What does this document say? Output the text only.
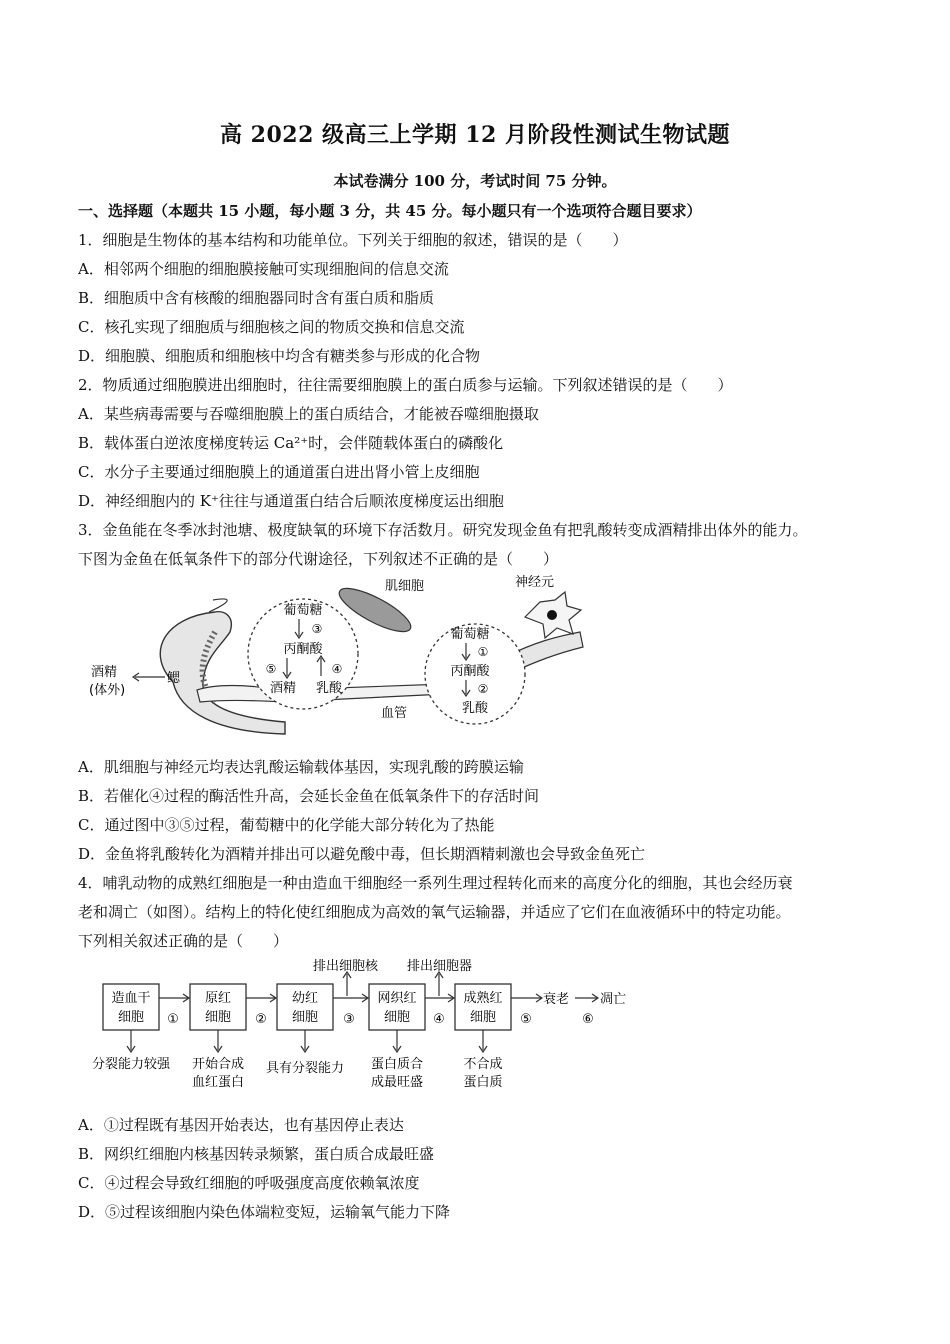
高 2022 级高三上学期 12 月阶段性测试生物试题
本试卷满分 100 分，考试时间 75 分钟。
一、选择题（本题共 15 小题，每小题 3 分，共 45 分。每小题只有一个选项符合题目要求）
1．细胞是生物体的基本结构和功能单位。下列关于细胞的叙述，错误的是（　　）
A．相邻两个细胞的细胞膜接触可实现细胞间的信息交流
B．细胞质中含有核酸的细胞器同时含有蛋白质和脂质
C．核孔实现了细胞质与细胞核之间的物质交换和信息交流
D．细胞膜、细胞质和细胞核中均含有糖类参与形成的化合物
2．物质通过细胞膜进出细胞时，往往需要细胞膜上的蛋白质参与运输。下列叙述错误的是（　　）
A．某些病毒需要与吞噬细胞膜上的蛋白质结合，才能被吞噬细胞摄取
B．载体蛋白逆浓度梯度转运 Ca²⁺时，会伴随载体蛋白的磷酸化
C．水分子主要通过细胞膜上的通道蛋白进出肾小管上皮细胞
D．神经细胞内的 K⁺往往与通道蛋白结合后顺浓度梯度运出细胞
3．金鱼能在冬季冰封池塘、极度缺氧的环境下存活数月。研究发现金鱼有把乳酸转变成酒精排出体外的能力。
下图为金鱼在低氧条件下的部分代谢途径，下列叙述不正确的是（　　）
葡萄糖
③
丙酮酸
⑤	④
酒精 乳酸
葡萄糖
①
丙酮酸
②
乳酸
肌细胞	神经元
鳃
酒精
(体外)
血管
A．肌细胞与神经元均表达乳酸运输载体基因，实现乳酸的跨膜运输
B．若催化④过程的酶活性升高，会延长金鱼在低氧条件下的存活时间
C．通过图中③⑤过程，葡萄糖中的化学能大部分转化为了热能
D．金鱼将乳酸转化为酒精并排出可以避免酸中毒，但长期酒精刺激也会导致金鱼死亡
4．哺乳动物的成熟红细胞是一种由造血干细胞经一系列生理过程转化而来的高度分化的细胞，其也会经历衰
老和凋亡（如图）。结构上的特化使红细胞成为高效的氧气运输器，并适应了它们在血液循环中的特定功能。
下列相关叙述正确的是（　　）
造血干
细胞
原红
细胞
幼红
细胞
网织红
细胞
成熟红
细胞
①	②	③	④	⑤	⑥
衰老 凋亡
排出细胞核 排出细胞器
分裂能力较强 开始合成
血红蛋白
具有分裂能力 蛋白质合
成最旺盛
不合成
蛋白质
A．①过程既有基因开始表达，也有基因停止表达
B．网织红细胞内核基因转录频繁，蛋白质合成最旺盛
C．④过程会导致红细胞的呼吸强度高度依赖氧浓度
D．⑤过程该细胞内染色体端粒变短，运输氧气能力下降
